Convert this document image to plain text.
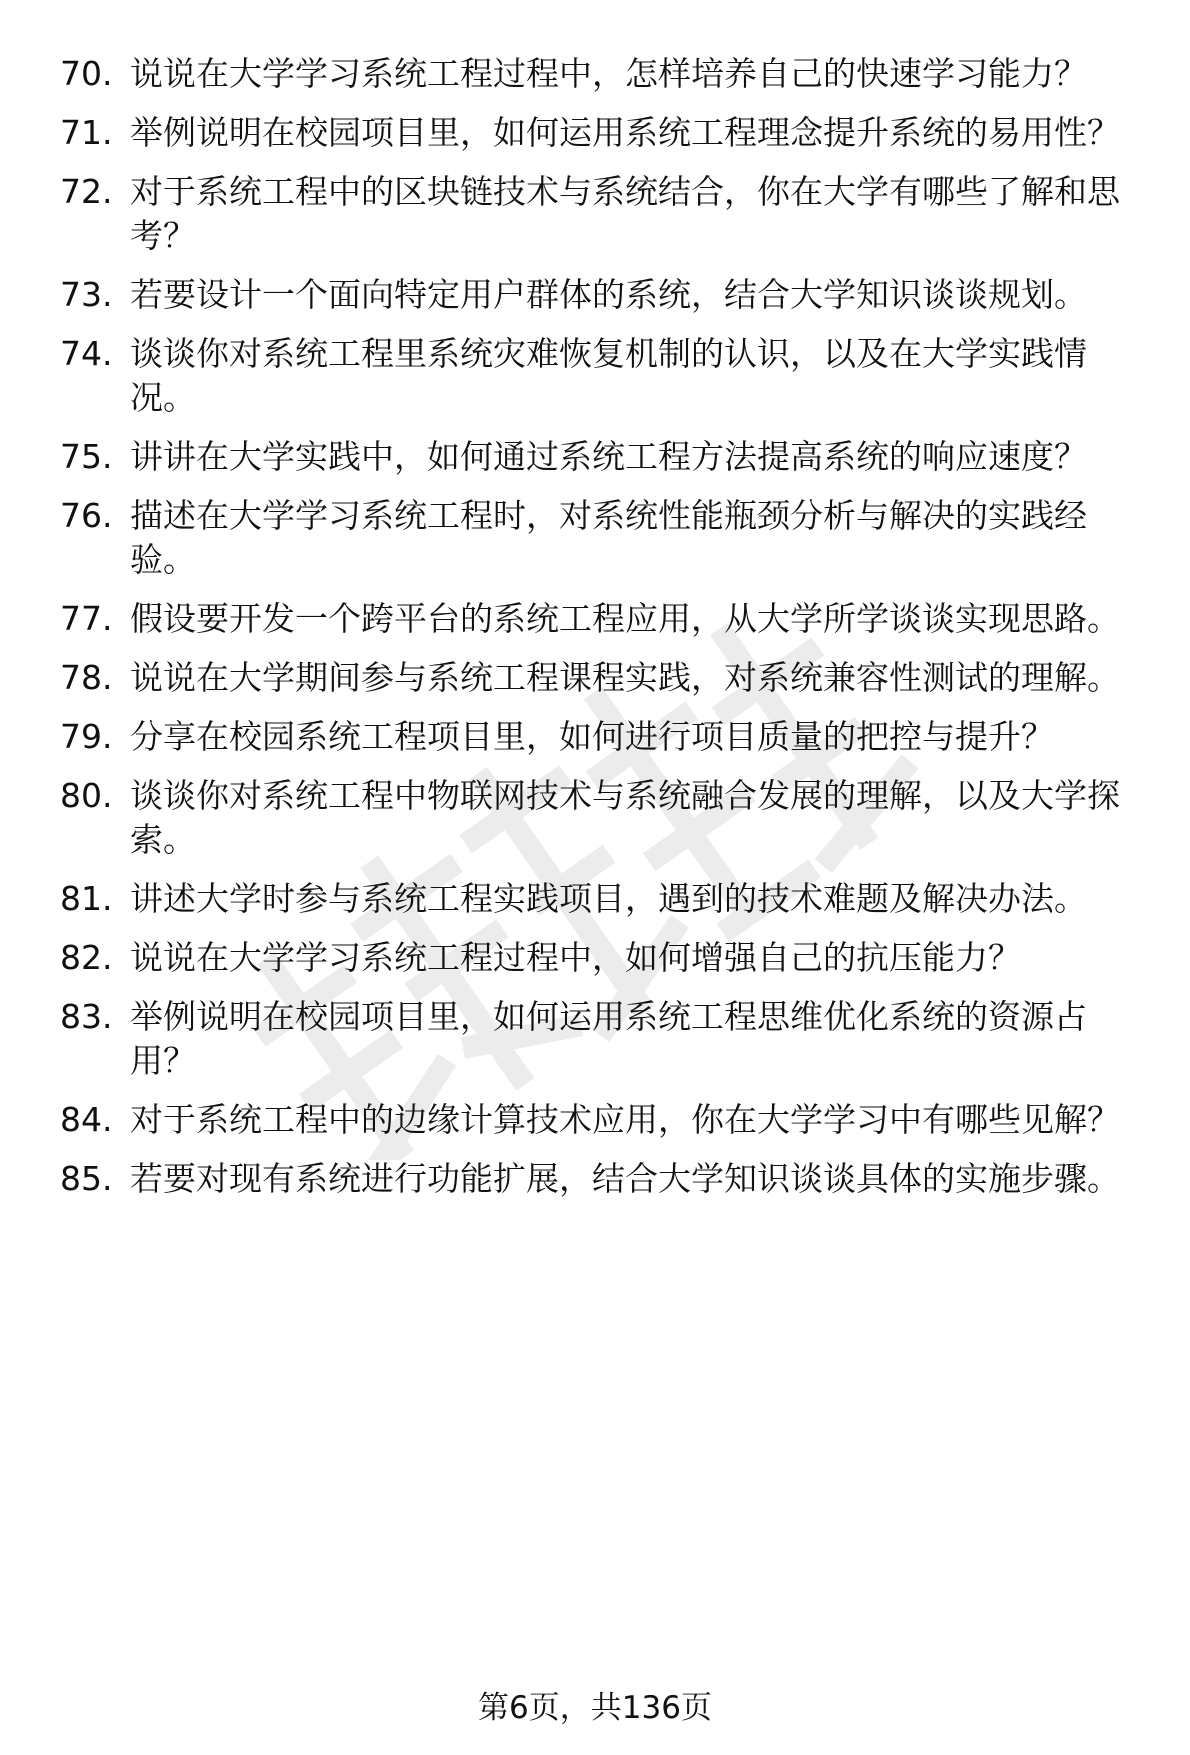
70. 说说在大学学习系统工程过程中，怎样培养自己的快速学习能力？
71. 举例说明在校园项目里，如何运用系统工程理念提升系统的易用性？
72. 对于系统工程中的区块链技术与系统结合，你在大学有哪些了解和思考？
73. 若要设计一个面向特定用户群体的系统，结合大学知识谈谈规划。
74. 谈谈你对系统工程里系统灾难恢复机制的认识，以及在大学实践情况。
75. 讲讲在大学实践中，如何通过系统工程方法提高系统的响应速度？
76. 描述在大学学习系统工程时，对系统性能瓶颈分析与解决的实践经验。
77. 假设要开发一个跨平台的系统工程应用，从大学所学谈谈实现思路。
78. 说说在大学期间参与系统工程课程实践，对系统兼容性测试的理解。
79. 分享在校园系统工程项目里，如何进行项目质量的把控与提升？
80. 谈谈你对系统工程中物联网技术与系统融合发展的理解，以及大学探索。
81. 讲述大学时参与系统工程实践项目，遇到的技术难题及解决办法。
82. 说说在大学学习系统工程过程中，如何增强自己的抗压能力？
83. 举例说明在校园项目里，如何运用系统工程思维优化系统的资源占用？
84. 对于系统工程中的边缘计算技术应用，你在大学学习中有哪些见解？
85. 若要对现有系统进行功能扩展，结合大学知识谈谈具体的实施步骤。
第6页，共136页
